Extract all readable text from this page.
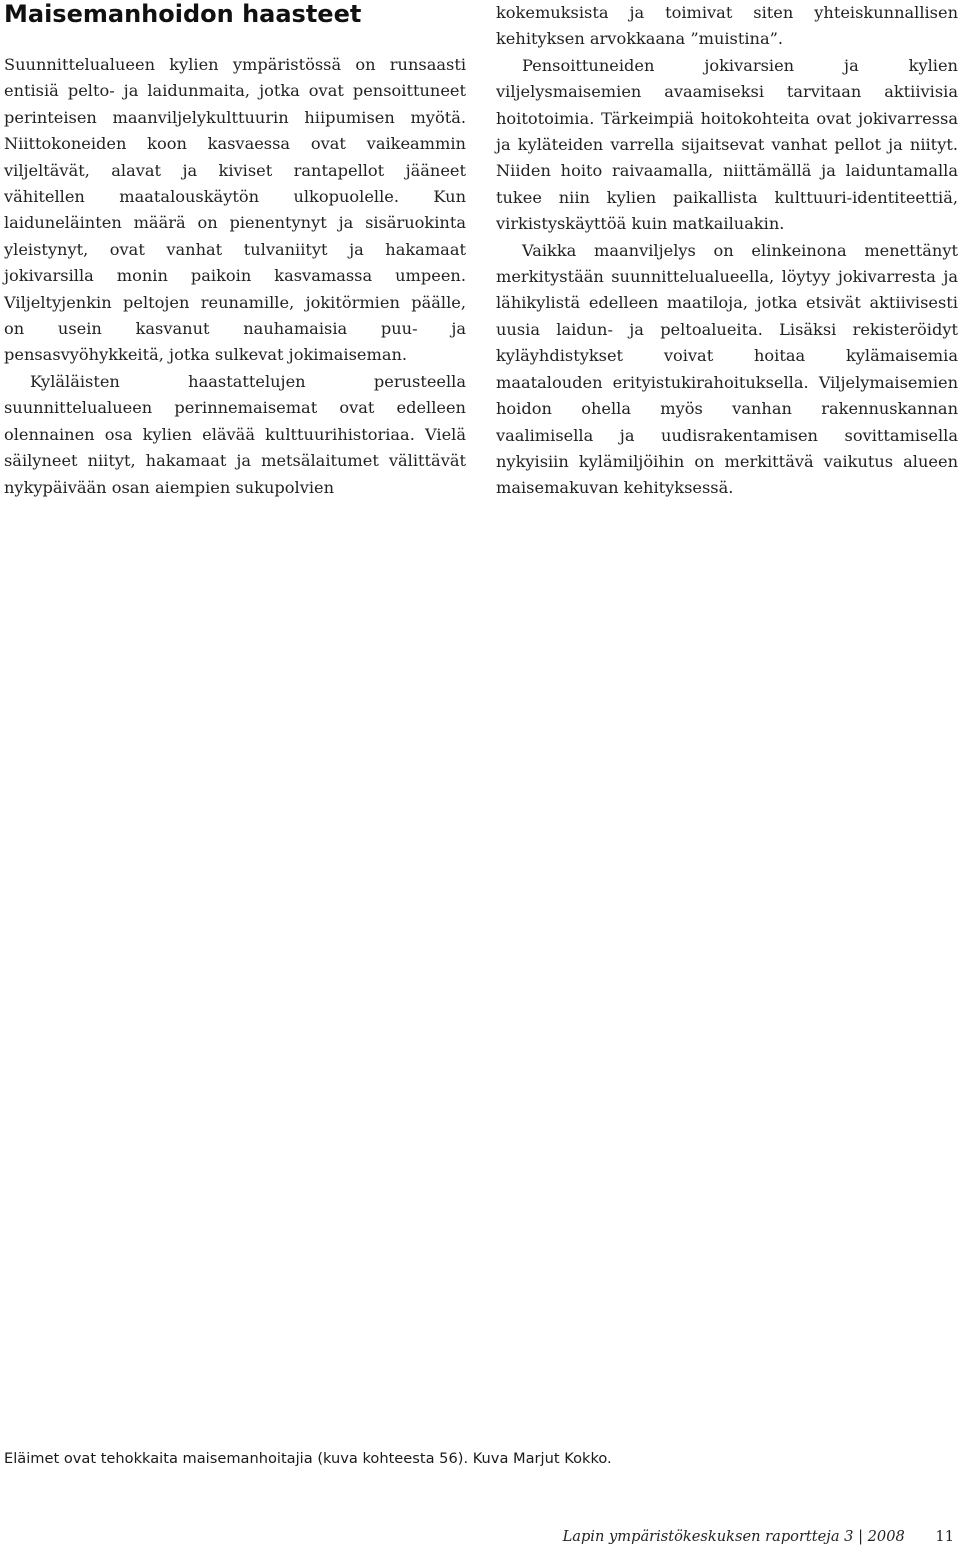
Maisemanhoidon haasteet

Suunnittelualueen kylien ympäristössä on runsaasti entisiä pelto- ja laidunmaita, jotka ovat pensoittuneet perinteisen maanviljelykulttuurin hiipumisen myötä. Niittokoneiden koon kasvaessa ovat vaikeammin viljeltävät, alavat ja kiviset rantapellot jääneet vähitellen maatalouskäytön ulkopuolelle. Kun laiduneläinten määrä on pienentynyt ja sisäruokinta yleistynyt, ovat vanhat tulvaniityt ja hakamaat jokivarsilla monin paikoin kasvamassa umpeen. Viljeltyjenkin peltojen reunamille, jokitörmien päälle, on usein kasvanut nauhamaisia puu- ja pensasvyöhykkeitä, jotka sulkevat jokimaiseman.

Kyläläisten haastattelujen perusteella suunnittelualueen perinnemaisemat ovat edelleen olennainen osa kylien elävää kulttuurihistoriaa. Vielä säilyneet niityt, hakamaat ja metsälaitumet välittävät nykypäivään osan aiempien sukupolvien

kokemuksista ja toimivat siten yhteiskunnallisen kehityksen arvokkaana ”muistina”.

Pensoittuneiden jokivarsien ja kylien viljelysmaisemien avaamiseksi tarvitaan aktiivisia hoitotoimia. Tärkeimpiä hoitokohteita ovat jokivarressa ja kyläteiden varrella sijaitsevat vanhat pellot ja niityt. Niiden hoito raivaamalla, niittämällä ja laiduntamalla tukee niin kylien paikallista kulttuuri-identiteettiä, virkistyskäyttöä kuin matkailuakin.

Vaikka maanviljelys on elinkeinona menettänyt merkitystään suunnittelualueella, löytyy jokivarresta ja lähikylistä edelleen maatiloja, jotka etsivät aktiivisesti uusia laidun- ja peltoalueita. Lisäksi rekisteröidyt kyläyhdistykset voivat hoitaa kylämaisemia maatalouden erityistukirahoituksella. Viljelymaisemien hoidon ohella myös vanhan rakennuskannan vaalimisella ja uudisrakentamisen sovittamisella nykyisiin kylämiljöihin on merkittävä vaikutus alueen maisemakuvan kehityksessä.

Eläimet ovat tehokkaita maisemanhoitajia (kuva kohteesta 56). Kuva Marjut Kokko.
Lapin ympäristökeskuksen raportteja 3 | 2008 11
